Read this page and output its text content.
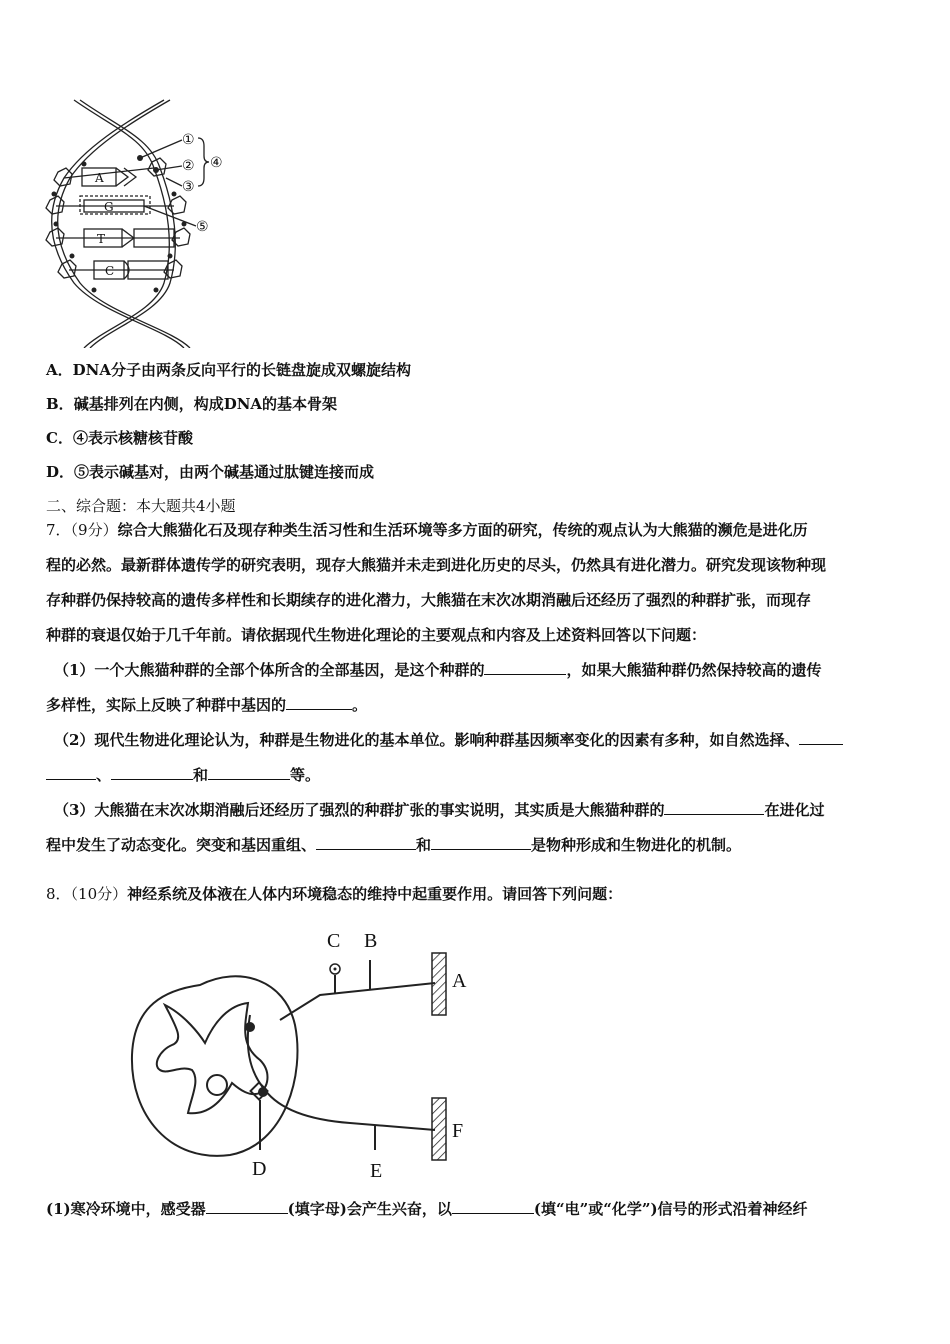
A
G
T
C
①
②
③
④
⑤
A．DNA分子由两条反向平行的长链盘旋成双螺旋结构
B．碱基排列在内侧，构成DNA的基本骨架
C．④表示核糖核苷酸
D．⑤表示碱基对，由两个碱基通过肽键连接而成
二、综合题：本大题共4小题
7．（9分）综合大熊猫化石及现存种类生活习性和生活环境等多方面的研究，传统的观点认为大熊猫的濒危是进化历
程的必然。最新群体遗传学的研究表明，现存大熊猫并未走到进化历史的尽头，仍然具有进化潜力。研究发现该物种现
存种群仍保持较高的遗传多样性和长期续存的进化潜力，大熊猫在末次冰期消融后还经历了强烈的种群扩张，而现存
种群的衰退仅始于几千年前。请依据现代生物进化理论的主要观点和内容及上述资料回答以下问题：
（1）一个大熊猫种群的全部个体所含的全部基因，是这个种群的	，如果大熊猫种群仍然保持较高的遗传
多样性，实际上反映了种群中基因的	。
（2）现代生物进化理论认为，种群是生物进化的基本单位。影响种群基因频率变化的因素有多种，如自然选择、
、	和	等。
（3）大熊猫在末次冰期消融后还经历了强烈的种群扩张的事实说明，其实质是大熊猫种群的	在进化过
程中发生了动态变化。突变和基因重组、	和	是物种形成和生物进化的机制。
8．（10分）神经系统及体液在人体内环境稳态的维持中起重要作用。请回答下列问题：
C B
A
F
D	E
(1)寒冷环境中，感受器	(填字母)会产生兴奋，以	(填“电”或“化学”)信号的形式沿着神经纤
